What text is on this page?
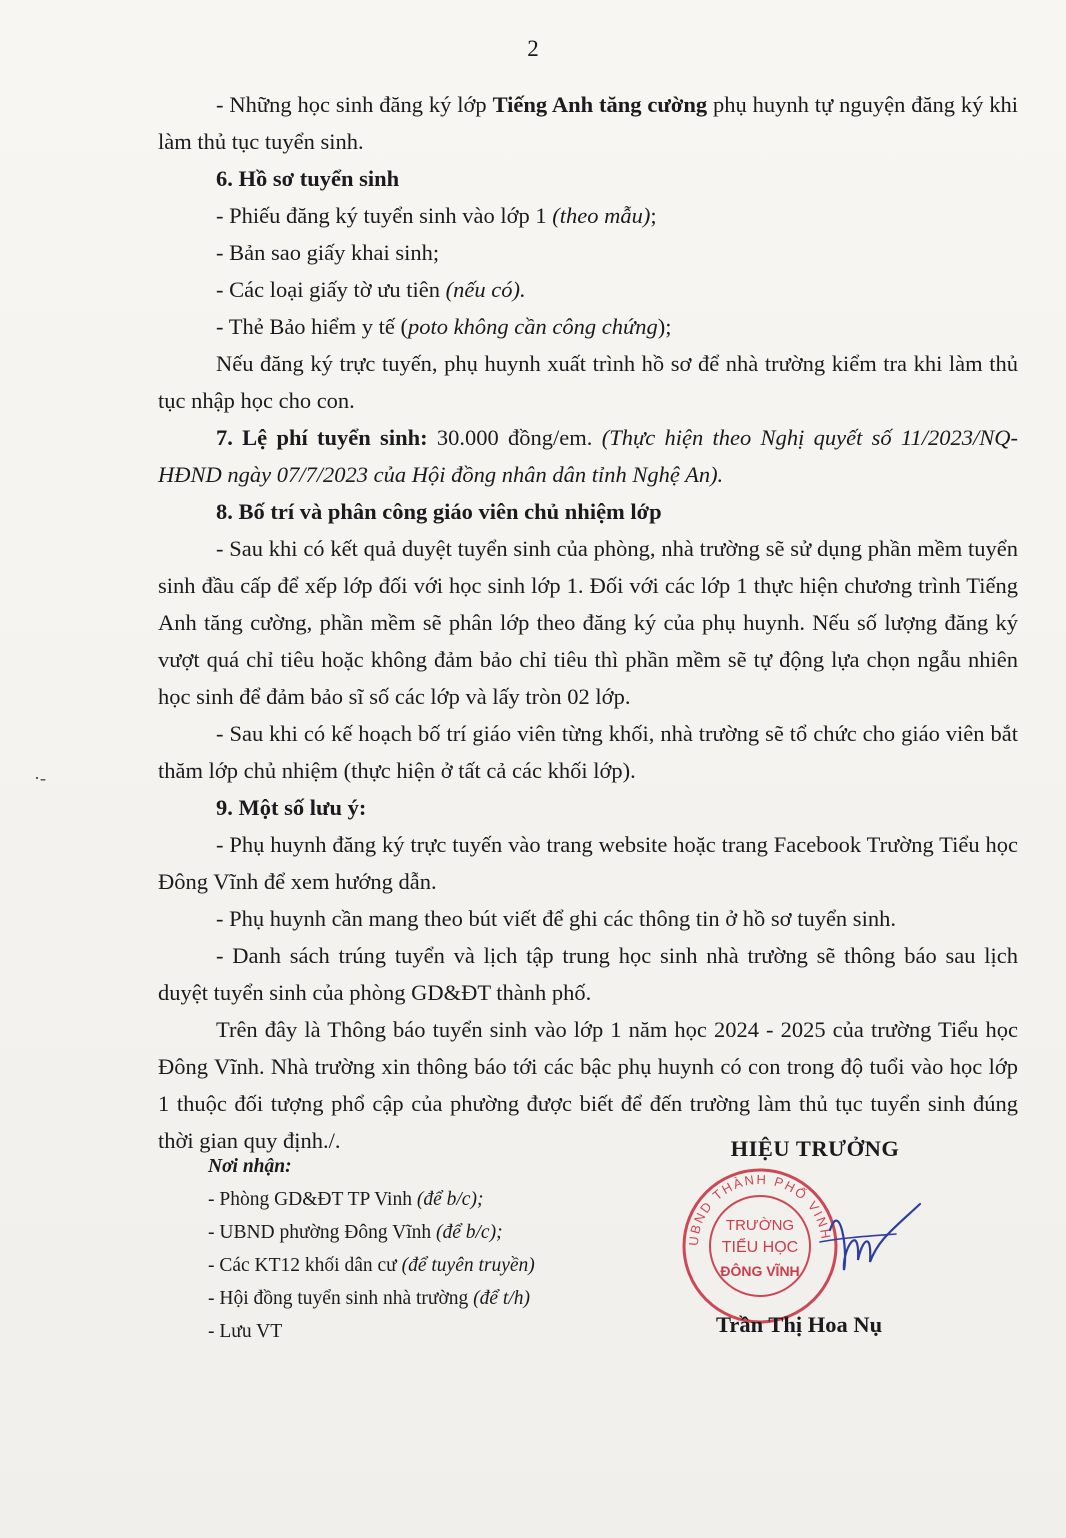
2
·-

- Những học sinh đăng ký lớp Tiếng Anh tăng cường phụ huynh tự nguyện đăng ký khi làm thủ tục tuyển sinh.

6. Hồ sơ tuyển sinh

- Phiếu đăng ký tuyển sinh vào lớp 1 (theo mẫu);

- Bản sao giấy khai sinh;

- Các loại giấy tờ ưu tiên (nếu có).

- Thẻ Bảo hiểm y tế (poto không cần công chứng);

Nếu đăng ký trực tuyến, phụ huynh xuất trình hồ sơ để nhà trường kiểm tra khi làm thủ tục nhập học cho con.

7. Lệ phí tuyển sinh: 30.000 đồng/em. (Thực hiện theo Nghị quyết số 11/2023/NQ-HĐND ngày 07/7/2023 của Hội đồng nhân dân tỉnh Nghệ An).

8. Bố trí và phân công giáo viên chủ nhiệm lớp

- Sau khi có kết quả duyệt tuyển sinh của phòng, nhà trường sẽ sử dụng phần mềm tuyển sinh đầu cấp để xếp lớp đối với học sinh lớp 1. Đối với các lớp 1 thực hiện chương trình Tiếng Anh tăng cường, phần mềm sẽ phân lớp theo đăng ký của phụ huynh. Nếu số lượng đăng ký vượt quá chỉ tiêu hoặc không đảm bảo chỉ tiêu thì phần mềm sẽ tự động lựa chọn ngẫu nhiên học sinh để đảm bảo sĩ số các lớp và lấy tròn 02 lớp.

- Sau khi có kế hoạch bố trí giáo viên từng khối, nhà trường sẽ tổ chức cho giáo viên bắt thăm lớp chủ nhiệm (thực hiện ở tất cả các khối lớp).

9. Một số lưu ý:

- Phụ huynh đăng ký trực tuyến vào trang website hoặc trang Facebook Trường Tiểu học Đông Vĩnh để xem hướng dẫn.

- Phụ huynh cần mang theo bút viết để ghi các thông tin ở hồ sơ tuyển sinh.

- Danh sách trúng tuyển và lịch tập trung học sinh nhà trường sẽ thông báo sau lịch duyệt tuyển sinh của phòng GD&ĐT thành phố.

Trên đây là Thông báo tuyển sinh vào lớp 1 năm học 2024 - 2025 của trường Tiểu học Đông Vĩnh. Nhà trường xin thông báo tới các bậc phụ huynh có con trong độ tuổi vào học lớp 1 thuộc đối tượng phổ cập của phường được biết để đến trường làm thủ tục tuyển sinh đúng thời gian quy định./.

Nơi nhận:
- Phòng GD&ĐT TP Vinh (để b/c);
- UBND phường Đông Vĩnh (để b/c);
- Các KT12 khối dân cư (để tuyên truyền)
- Hội đồng tuyển sinh nhà trường (để t/h)
- Lưu VT
HIỆU TRƯỞNG
UBND THÀNH PHỐ VINH
TRƯỜNG
TIỂU HỌC
ĐÔNG VĨNH
Trần Thị Hoa Nụ
